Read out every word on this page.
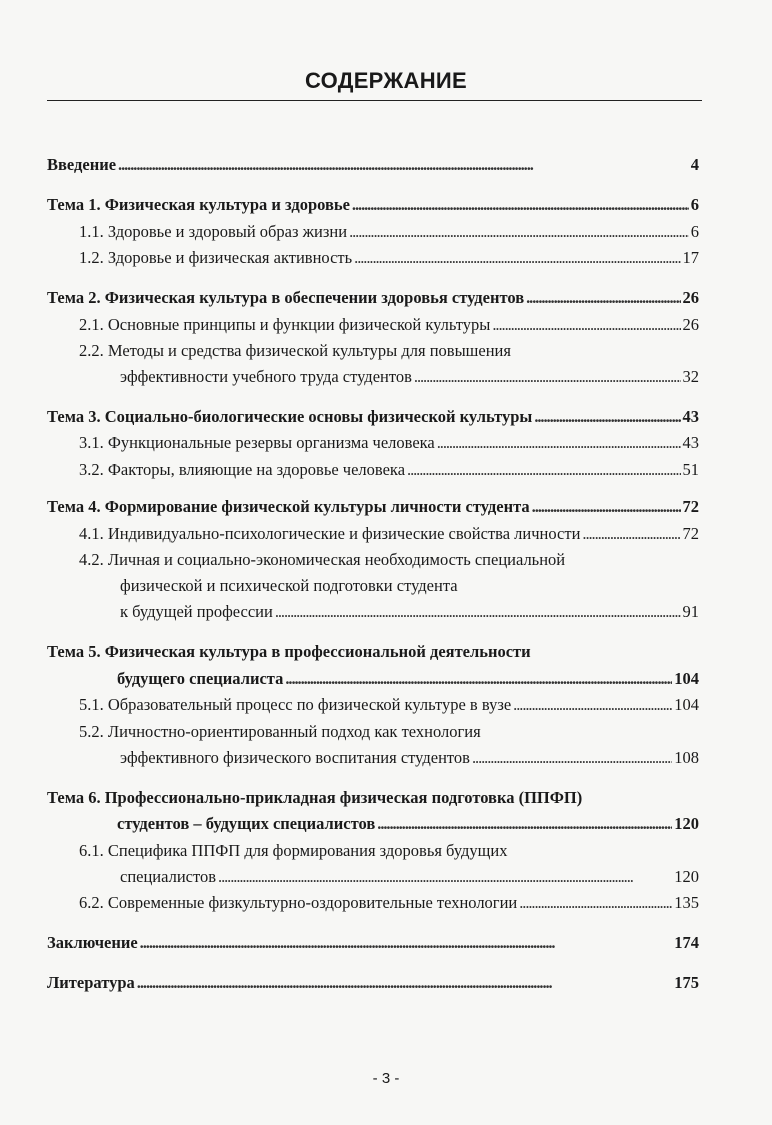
СОДЕРЖАНИЕ
Введение . . .	4
Тема 1. Физическая культура и здоровье . . .	6
1.1. Здоровье и здоровый образ жизни . . .	6
1.2. Здоровье и физическая активность . . .	17
Тема 2. Физическая культура в обеспечении здоровья студентов . . .	26
2.1. Основные принципы и функции физической культуры . . .	26
2.2. Методы и средства физической культуры для повышения
эффективности учебного труда студентов . . .	32
Тема 3. Социально-биологические основы физической культуры . . .	43
3.1. Функциональные резервы организма человека . . .	43
3.2. Факторы, влияющие на здоровье человека . . .	51
Тема 4. Формирование физической культуры личности студента . . .	72
4.1. Индивидуально-психологические и физические свойства личности . . .	72
4.2. Личная и социально-экономическая необходимость специальной
физической и психической подготовки студента
к будущей профессии . . .	91
Тема 5. Физическая культура в профессиональной деятельности
будущего специалиста . . .	104
5.1. Образовательный процесс по физической культуре в вузе . . .	104
5.2. Личностно-ориентированный подход как технология
эффективного физического воспитания студентов . . .	108
Тема 6. Профессионально-прикладная физическая подготовка (ППФП)
студентов – будущих специалистов . . .	120
6.1. Специфика ППФП для формирования здоровья будущих
специалистов . . .	120
6.2. Современные физкультурно-оздоровительные технологии . . .	135
Заключение . . .	174
Литература . . .	175
- 3 -
